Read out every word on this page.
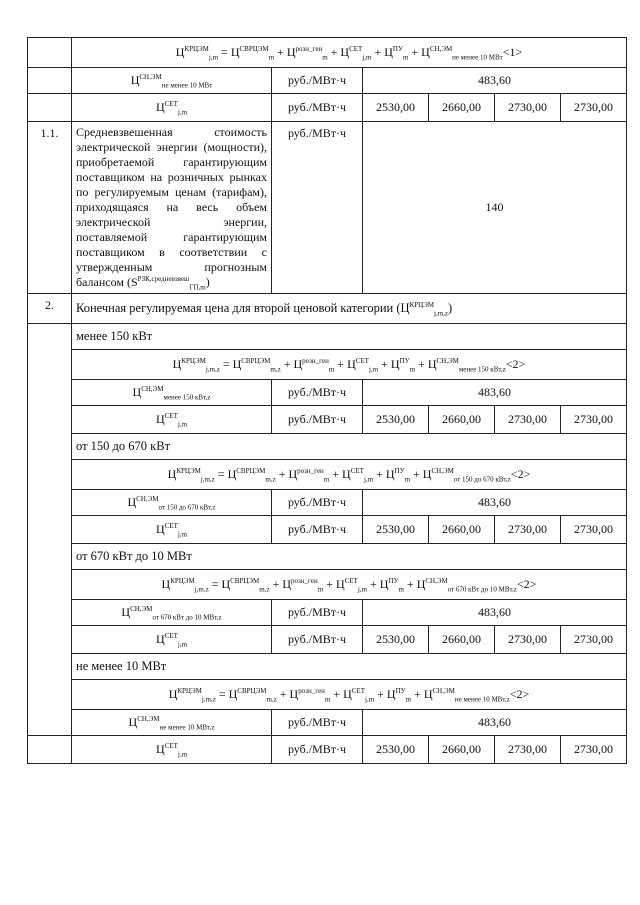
	$Ц^{КРЦЭМ}_{j,m} = Ц^{СВРЦЭМ}_m + Ц^{розн\_ген}_m + Ц^{СЕТ}_{j,m} + Ц^{ПУ}_m + Ц^{СН,ЭМ}_{не менее 10 МВт}<1>$					
	$Ц^{СН,ЭМ}_{не менее 10 МВт}$	руб./МВт·ч	483,60			
	$Ц^{СЕТ}_{j,m}$	руб./МВт·ч	2530,00	2660,00	2730,00	2730,00
1.1.	Средневзвешенная стоимость электрической энергии (мощности), приобретаемой гарантирующим поставщиком на розничных рынках по регулируемым ценам (тарифам), приходящаяся на весь объем электрической энергии, поставляемой гарантирующим поставщиком в соответствии с утвержденным прогнозным балансом $(S^{РЗК,средневзвеш}_{ГП,m})$	руб./МВт·ч	140			
2.	Конечная регулируемая цена для второй ценовой категории $(Ц^{КРЦЭМ}_{j,m,z})$					
	менее 150 кВт					
	$Ц^{КРЦЭМ}_{j,m,z} = Ц^{СВРЦЭМ}_{m,z} + Ц^{розн\_ген}_m + Ц^{СЕТ}_{j,m} + Ц^{ПУ}_m + Ц^{СН,ЭМ}_{менее 150 кВт,z}<2>$					
	$Ц^{СН,ЭМ}_{менее 150 кВт,z}$	руб./МВт·ч	483,60			
	$Ц^{СЕТ}_{j,m}$	руб./МВт·ч	2530,00	2660,00	2730,00	2730,00
	от 150 до 670 кВт					
	$Ц^{КРЦЭМ}_{j,m,z} = Ц^{СВРЦЭМ}_{m,z} + Ц^{розн\_ген}_m + Ц^{СЕТ}_{j,m} + Ц^{ПУ}_m + Ц^{СН,ЭМ}_{от 150 до 670 кВт,z}<2>$					
	$Ц^{СН,ЭМ}_{от 150 до 670 кВт,z}$	руб./МВт·ч	483,60			
	$Ц^{СЕТ}_{j,m}$	руб./МВт·ч	2530,00	2660,00	2730,00	2730,00
	от 670 кВт до 10 МВт					
	$Ц^{КРЦЭМ}_{j,m,z} = Ц^{СВРЦЭМ}_{m,z} + Ц^{розн\_ген}_m + Ц^{СЕТ}_{j,m} + Ц^{ПУ}_m + Ц^{СН,ЭМ}_{от 670 кВт до 10 МВт,z}<2>$					
	$Ц^{СН,ЭМ}_{от 670 кВт до 10 МВт,z}$	руб./МВт·ч	483,60			
	$Ц^{СЕТ}_{j,m}$	руб./МВт·ч	2530,00	2660,00	2730,00	2730,00
	не менее 10 МВт					
	$Ц^{КРЦЭМ}_{j,m,z} = Ц^{СВРЦЭМ}_{m,z} + Ц^{розн\_ген}_m + Ц^{СЕТ}_{j,m} + Ц^{ПУ}_m + Ц^{СН,ЭМ}_{не менее 10 МВт,z}<2>$					
	$Ц^{СН,ЭМ}_{не менее 10 МВт,z}$	руб./МВт·ч	483,60			
	$Ц^{СЕТ}_{j,m}$	руб./МВт·ч	2530,00	2660,00	2730,00	2730,00
